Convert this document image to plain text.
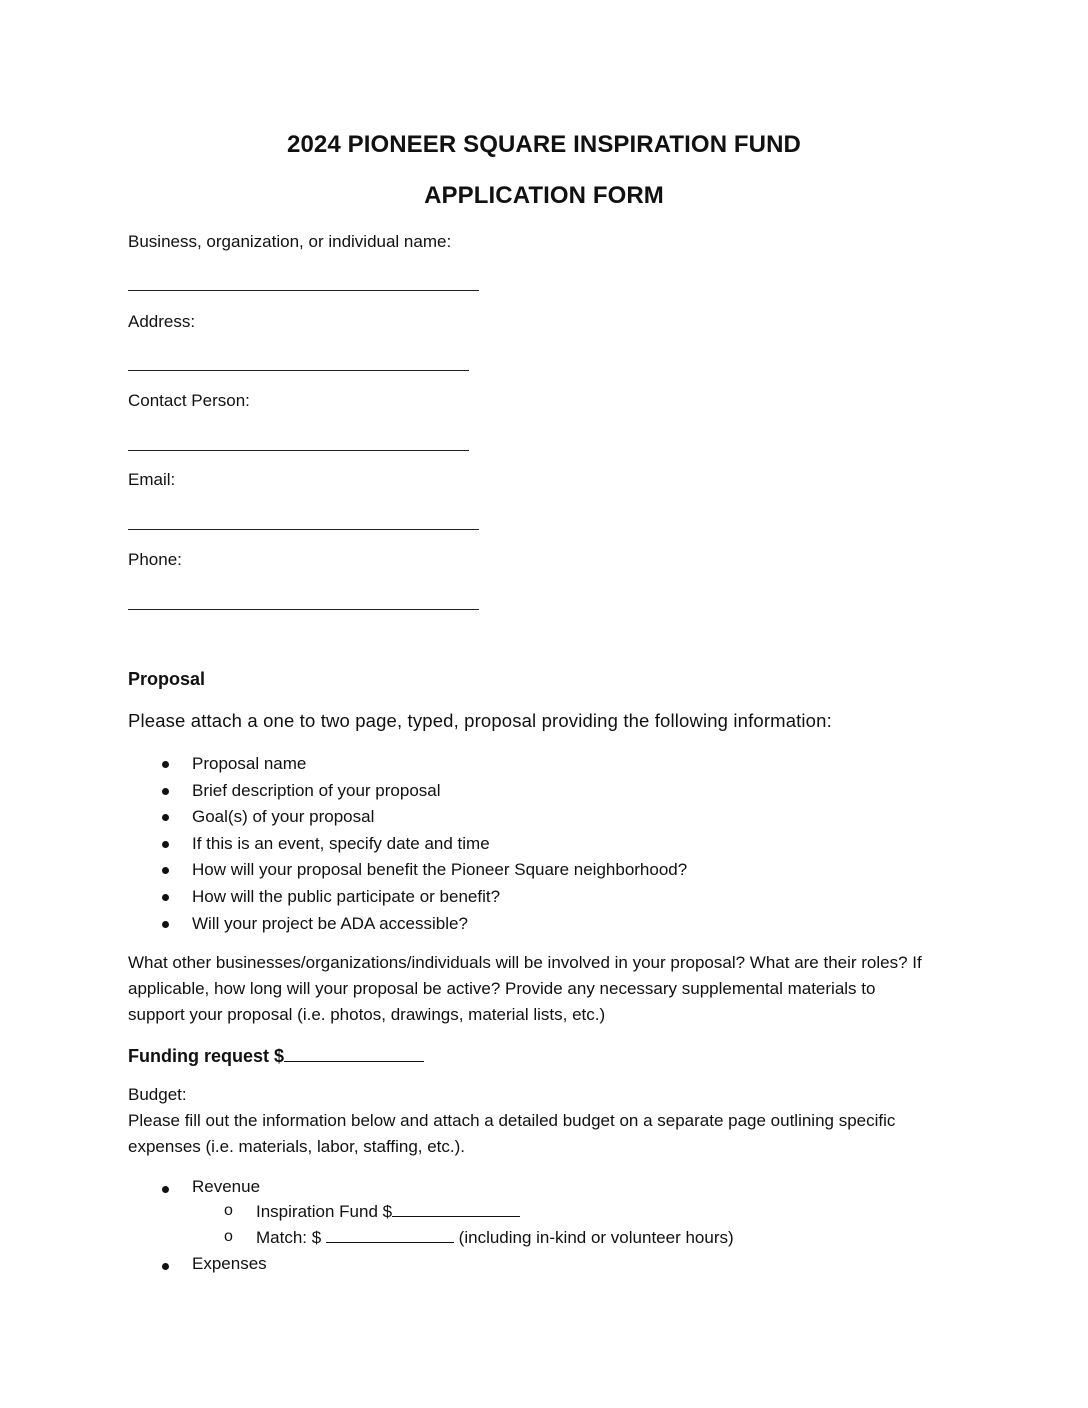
2024 PIONEER SQUARE INSPIRATION FUND
APPLICATION FORM
Business, organization, or individual name:
Address:
Contact Person:
Email:
Phone:
Proposal
Please attach a one to two page, typed, proposal providing the following information:
Proposal name
Brief description of your proposal
Goal(s) of your proposal
If this is an event, specify date and time
How will your proposal benefit the Pioneer Square neighborhood?
How will the public participate or benefit?
Will your project be ADA accessible?
What other businesses/organizations/individuals will be involved in your proposal? What are their roles? If applicable, how long will your proposal be active? Provide any necessary supplemental materials to support your proposal (i.e. photos, drawings, material lists, etc.)
Funding request $
Budget:
Please fill out the information below and attach a detailed budget on a separate page outlining specific expenses (i.e. materials, labor, staffing, etc.).
Revenue
o Inspiration Fund $
o Match: $	(including in-kind or volunteer hours)
Expenses
